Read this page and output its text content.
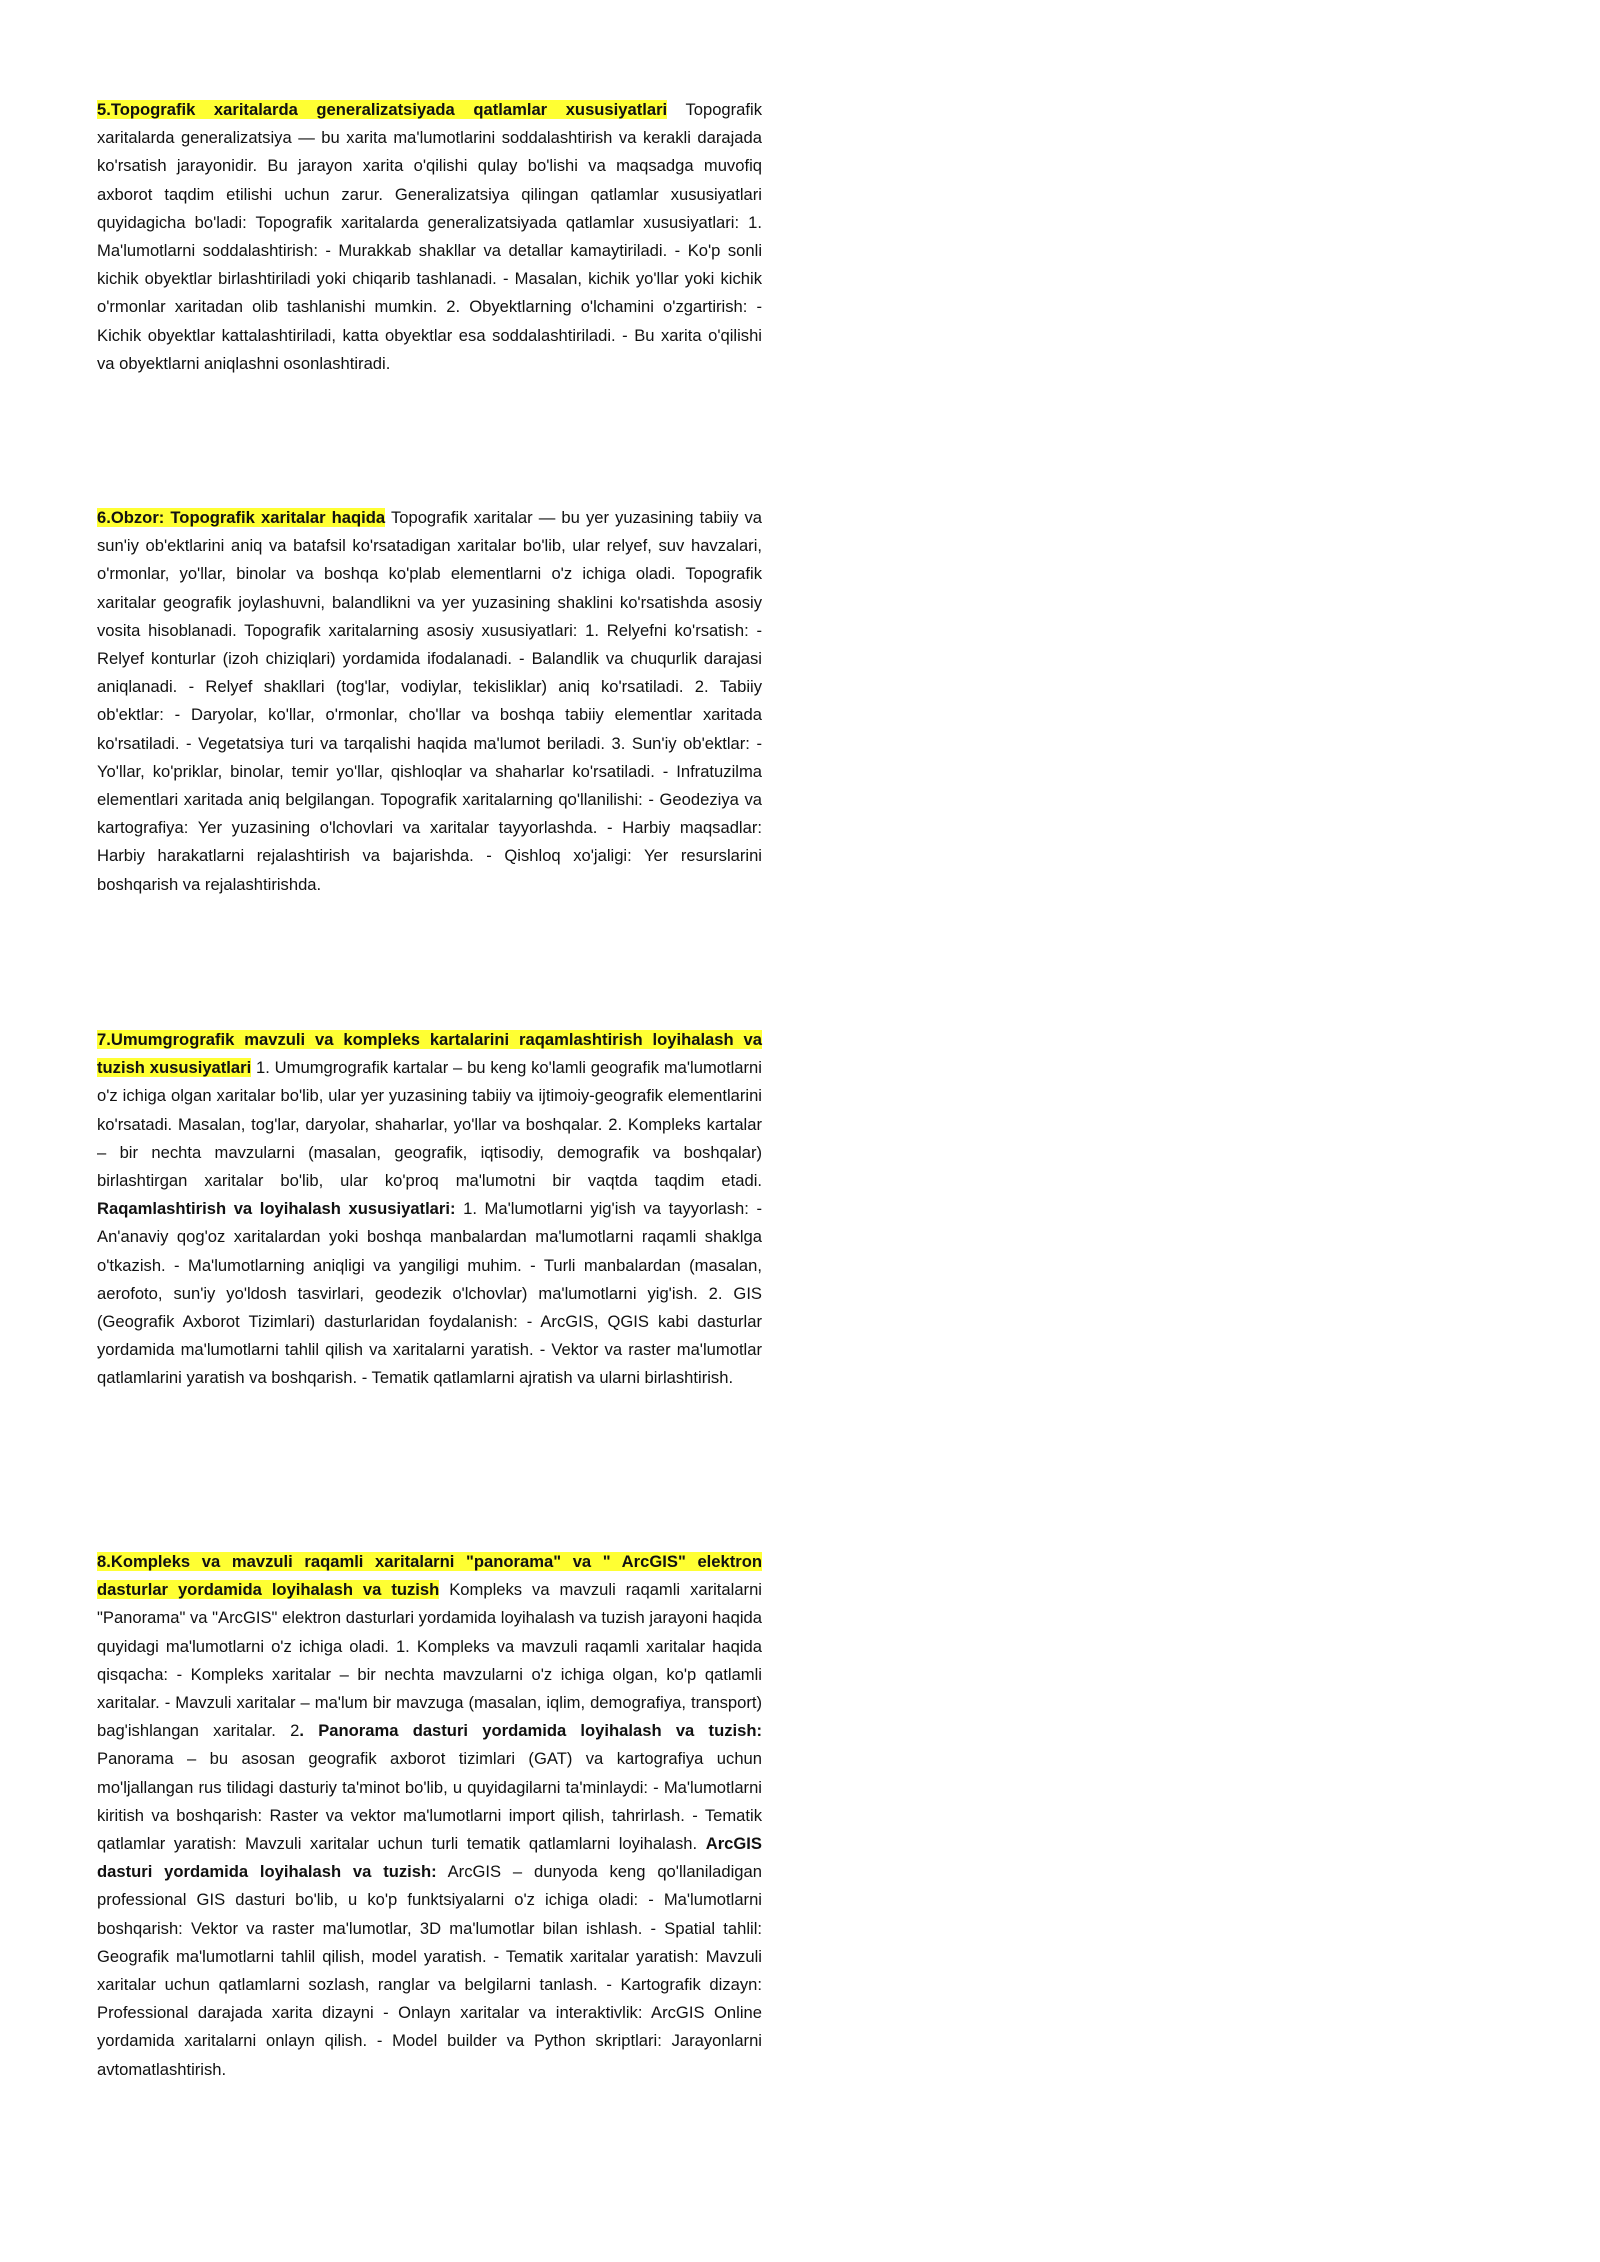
5.Topografik xaritalarda generalizatsiyada qatlamlar xususiyatlari Topografik xaritalarda generalizatsiya — bu xarita ma'lumotlarini soddalashtirish va kerakli darajada ko'rsatish jarayonidir. Bu jarayon xarita o'qilishi qulay bo'lishi va maqsadga muvofiq axborot taqdim etilishi uchun zarur. Generalizatsiya qilingan qatlamlar xususiyatlari quyidagicha bo'ladi: Topografik xaritalarda generalizatsiyada qatlamlar xususiyatlari: 1. Ma'lumotlarni soddalashtirish: - Murakkab shakllar va detallar kamaytiriladi. - Ko'p sonli kichik obyektlar birlashtiriladi yoki chiqarib tashlanadi. - Masalan, kichik yo'llar yoki kichik o'rmonlar xaritadan olib tashlanishi mumkin. 2. Obyektlarning o'lchamini o'zgartirish: - Kichik obyektlar kattalashtiriladi, katta obyektlar esa soddalashtiriladi. - Bu xarita o'qilishi va obyektlarni aniqlashni osonlashtiradi.

6.Obzor: Topografik xaritalar haqida Topografik xaritalar — bu yer yuzasining tabiiy va sun'iy ob'ektlarini aniq va batafsil ko'rsatadigan xaritalar bo'lib, ular relyef, suv havzalari, o'rmonlar, yo'llar, binolar va boshqa ko'plab elementlarni o'z ichiga oladi. Topografik xaritalar geografik joylashuvni, balandlikni va yer yuzasining shaklini ko'rsatishda asosiy vosita hisoblanadi. Topografik xaritalarning asosiy xususiyatlari: 1. Relyefni ko'rsatish: - Relyef konturlar (izoh chiziqlari) yordamida ifodalanadi. - Balandlik va chuqurlik darajasi aniqlanadi. - Relyef shakllari (tog'lar, vodiylar, tekisliklar) aniq ko'rsatiladi. 2. Tabiiy ob'ektlar: - Daryolar, ko'llar, o'rmonlar, cho'llar va boshqa tabiiy elementlar xaritada ko'rsatiladi. - Vegetatsiya turi va tarqalishi haqida ma'lumot beriladi. 3. Sun'iy ob'ektlar: - Yo'llar, ko'priklar, binolar, temir yo'llar, qishloqlar va shaharlar ko'rsatiladi. - Infratuzilma elementlari xaritada aniq belgilangan. Topografik xaritalarning qo'llanilishi: - Geodeziya va kartografiya: Yer yuzasining o'lchovlari va xaritalar tayyorlashda. - Harbiy maqsadlar: Harbiy harakatlarni rejalashtirish va bajarishda. - Qishloq xo'jaligi: Yer resurslarini boshqarish va rejalashtirishda.

7.Umumgrografik mavzuli va kompleks kartalarini raqamlashtirish loyihalash va tuzish xususiyatlari 1. Umumgrografik kartalar – bu keng ko'lamli geografik ma'lumotlarni o'z ichiga olgan xaritalar bo'lib, ular yer yuzasining tabiiy va ijtimoiy-geografik elementlarini ko'rsatadi. Masalan, tog'lar, daryolar, shaharlar, yo'llar va boshqalar. 2. Kompleks kartalar – bir nechta mavzularni (masalan, geografik, iqtisodiy, demografik va boshqalar) birlashtirgan xaritalar bo'lib, ular ko'proq ma'lumotni bir vaqtda taqdim etadi. Raqamlashtirish va loyihalash xususiyatlari: 1. Ma'lumotlarni yig'ish va tayyorlash: - An'anaviy qog'oz xaritalardan yoki boshqa manbalardan ma'lumotlarni raqamli shaklga o'tkazish. - Ma'lumotlarning aniqligi va yangiligi muhim. - Turli manbalardan (masalan, aerofoto, sun'iy yo'ldosh tasvirlari, geodezik o'lchovlar) ma'lumotlarni yig'ish. 2. GIS (Geografik Axborot Tizimlari) dasturlaridan foydalanish: - ArcGIS, QGIS kabi dasturlar yordamida ma'lumotlarni tahlil qilish va xaritalarni yaratish. - Vektor va raster ma'lumotlar qatlamlarini yaratish va boshqarish. - Tematik qatlamlarni ajratish va ularni birlashtirish.

8.Kompleks va mavzuli raqamli xaritalarni "panorama" va " ArcGIS" elektron dasturlar yordamida loyihalash va tuzish Kompleks va mavzuli raqamli xaritalarni "Panorama" va "ArcGIS" elektron dasturlari yordamida loyihalash va tuzish jarayoni haqida quyidagi ma'lumotlarni o'z ichiga oladi. 1. Kompleks va mavzuli raqamli xaritalar haqida qisqacha: - Kompleks xaritalar – bir nechta mavzularni o'z ichiga olgan, ko'p qatlamli xaritalar. - Mavzuli xaritalar – ma'lum bir mavzuga (masalan, iqlim, demografiya, transport) bag'ishlangan xaritalar. 2. Panorama dasturi yordamida loyihalash va tuzish: Panorama – bu asosan geografik axborot tizimlari (GAT) va kartografiya uchun mo'ljallangan rus tilidagi dasturiy ta'minot bo'lib, u quyidagilarni ta'minlaydi: - Ma'lumotlarni kiritish va boshqarish: Raster va vektor ma'lumotlarni import qilish, tahrirlash. - Tematik qatlamlar yaratish: Mavzuli xaritalar uchun turli tematik qatlamlarni loyihalash. ArcGIS dasturi yordamida loyihalash va tuzish: ArcGIS – dunyoda keng qo'llaniladigan professional GIS dasturi bo'lib, u ko'p funktsiyalarni o'z ichiga oladi: - Ma'lumotlarni boshqarish: Vektor va raster ma'lumotlar, 3D ma'lumotlar bilan ishlash. - Spatial tahlil: Geografik ma'lumotlarni tahlil qilish, model yaratish. - Tematik xaritalar yaratish: Mavzuli xaritalar uchun qatlamlarni sozlash, ranglar va belgilarni tanlash. - Kartografik dizayn: Professional darajada xarita dizayni - Onlayn xaritalar va interaktivlik: ArcGIS Online yordamida xaritalarni onlayn qilish. - Model builder va Python skriptlari: Jarayonlarni avtomatlashtirish.
